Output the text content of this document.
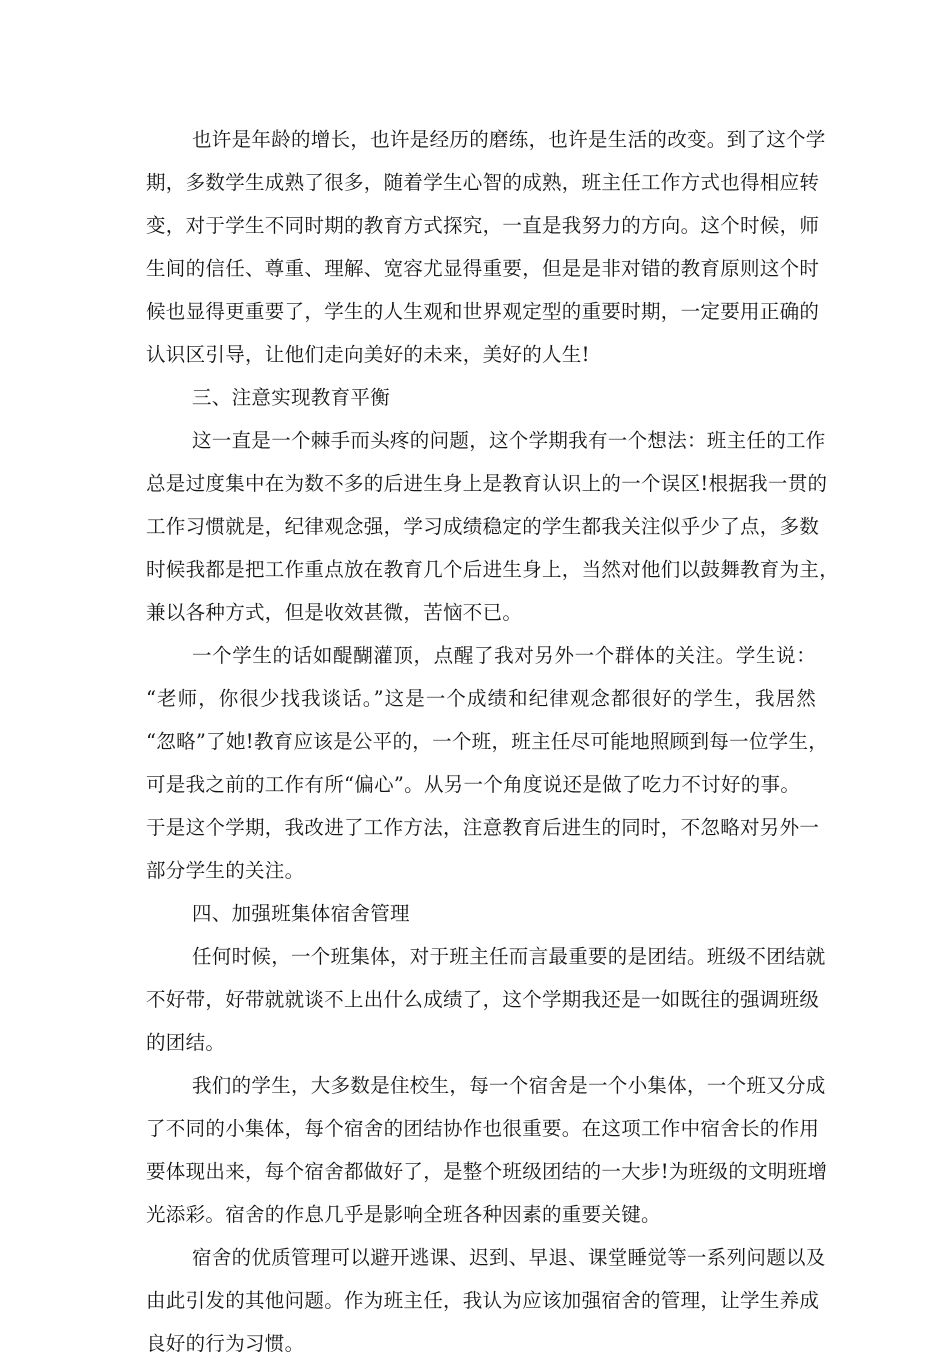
也许是年龄的增长，也许是经历的磨练，也许是生活的改变。到了这个学
期，多数学生成熟了很多，随着学生心智的成熟，班主任工作方式也得相应转
变，对于学生不同时期的教育方式探究，一直是我努力的方向。这个时候，师
生间的信任、尊重、理解、宽容尤显得重要，但是是非对错的教育原则这个时
候也显得更重要了，学生的人生观和世界观定型的重要时期，一定要用正确的
认识区引导，让他们走向美好的未来，美好的人生!
三、注意实现教育平衡
这一直是一个棘手而头疼的问题，这个学期我有一个想法：班主任的工作
总是过度集中在为数不多的后进生身上是教育认识上的一个误区!根据我一贯的
工作习惯就是，纪律观念强，学习成绩稳定的学生都我关注似乎少了点，多数
时候我都是把工作重点放在教育几个后进生身上，当然对他们以鼓舞教育为主，
兼以各种方式，但是收效甚微，苦恼不已。
一个学生的话如醍醐灌顶，点醒了我对另外一个群体的关注。学生说：
“老师，你很少找我谈话。”这是一个成绩和纪律观念都很好的学生，我居然
“忽略”了她!教育应该是公平的，一个班，班主任尽可能地照顾到每一位学生，
可是我之前的工作有所“偏心”。从另一个角度说还是做了吃力不讨好的事。
于是这个学期，我改进了工作方法，注意教育后进生的同时，不忽略对另外一
部分学生的关注。
四、加强班集体宿舍管理
任何时候，一个班集体，对于班主任而言最重要的是团结。班级不团结就
不好带，好带就就谈不上出什么成绩了，这个学期我还是一如既往的强调班级
的团结。
我们的学生，大多数是住校生，每一个宿舍是一个小集体，一个班又分成
了不同的小集体，每个宿舍的团结协作也很重要。在这项工作中宿舍长的作用
要体现出来，每个宿舍都做好了，是整个班级团结的一大步!为班级的文明班增
光添彩。宿舍的作息几乎是影响全班各种因素的重要关键。
宿舍的优质管理可以避开逃课、迟到、早退、课堂睡觉等一系列问题以及
由此引发的其他问题。作为班主任，我认为应该加强宿舍的管理，让学生养成
良好的行为习惯。
